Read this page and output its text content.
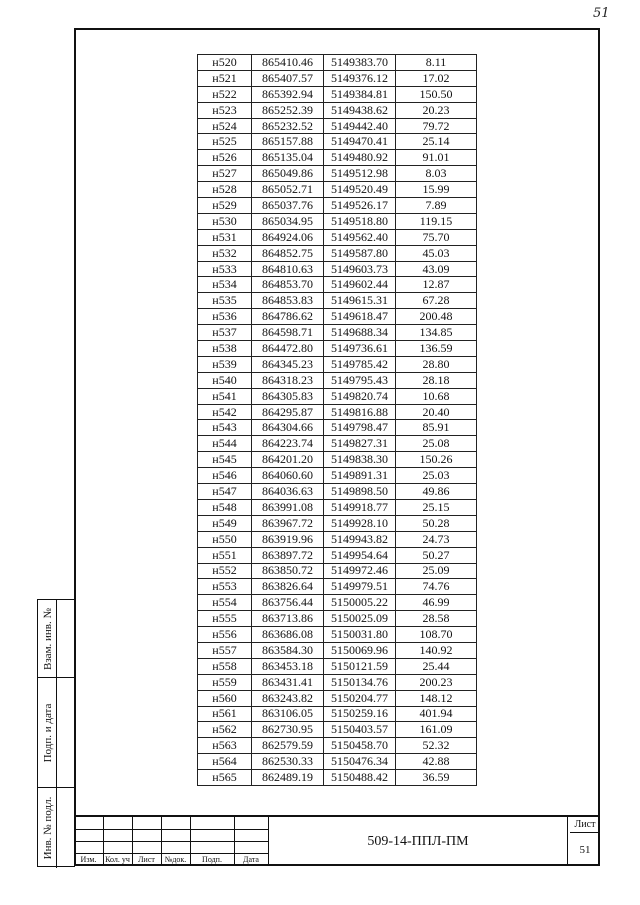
51
Взам. инв. №
Подп. и дата
Инв. № подл.
н520	865410.46	5149383.70	8.11
н521	865407.57	5149376.12	17.02
н522	865392.94	5149384.81	150.50
н523	865252.39	5149438.62	20.23
н524	865232.52	5149442.40	79.72
н525	865157.88	5149470.41	25.14
н526	865135.04	5149480.92	91.01
н527	865049.86	5149512.98	8.03
н528	865052.71	5149520.49	15.99
н529	865037.76	5149526.17	7.89
н530	865034.95	5149518.80	119.15
н531	864924.06	5149562.40	75.70
н532	864852.75	5149587.80	45.03
н533	864810.63	5149603.73	43.09
н534	864853.70	5149602.44	12.87
н535	864853.83	5149615.31	67.28
н536	864786.62	5149618.47	200.48
н537	864598.71	5149688.34	134.85
н538	864472.80	5149736.61	136.59
н539	864345.23	5149785.42	28.80
н540	864318.23	5149795.43	28.18
н541	864305.83	5149820.74	10.68
н542	864295.87	5149816.88	20.40
н543	864304.66	5149798.47	85.91
н544	864223.74	5149827.31	25.08
н545	864201.20	5149838.30	150.26
н546	864060.60	5149891.31	25.03
н547	864036.63	5149898.50	49.86
н548	863991.08	5149918.77	25.15
н549	863967.72	5149928.10	50.28
н550	863919.96	5149943.82	24.73
н551	863897.72	5149954.64	50.27
н552	863850.72	5149972.46	25.09
н553	863826.64	5149979.51	74.76
н554	863756.44	5150005.22	46.99
н555	863713.86	5150025.09	28.58
н556	863686.08	5150031.80	108.70
н557	863584.30	5150069.96	140.92
н558	863453.18	5150121.59	25.44
н559	863431.41	5150134.76	200.23
н560	863243.82	5150204.77	148.12
н561	863106.05	5150259.16	401.94
н562	862730.95	5150403.57	161.09
н563	862579.59	5150458.70	52.32
н564	862530.33	5150476.34	42.88
н565	862489.19	5150488.42	36.59
Изм.	Кол. уч	Лист	№док.	Подп.	Дата
509-14-ППЛ-ПМ
Лист
51
